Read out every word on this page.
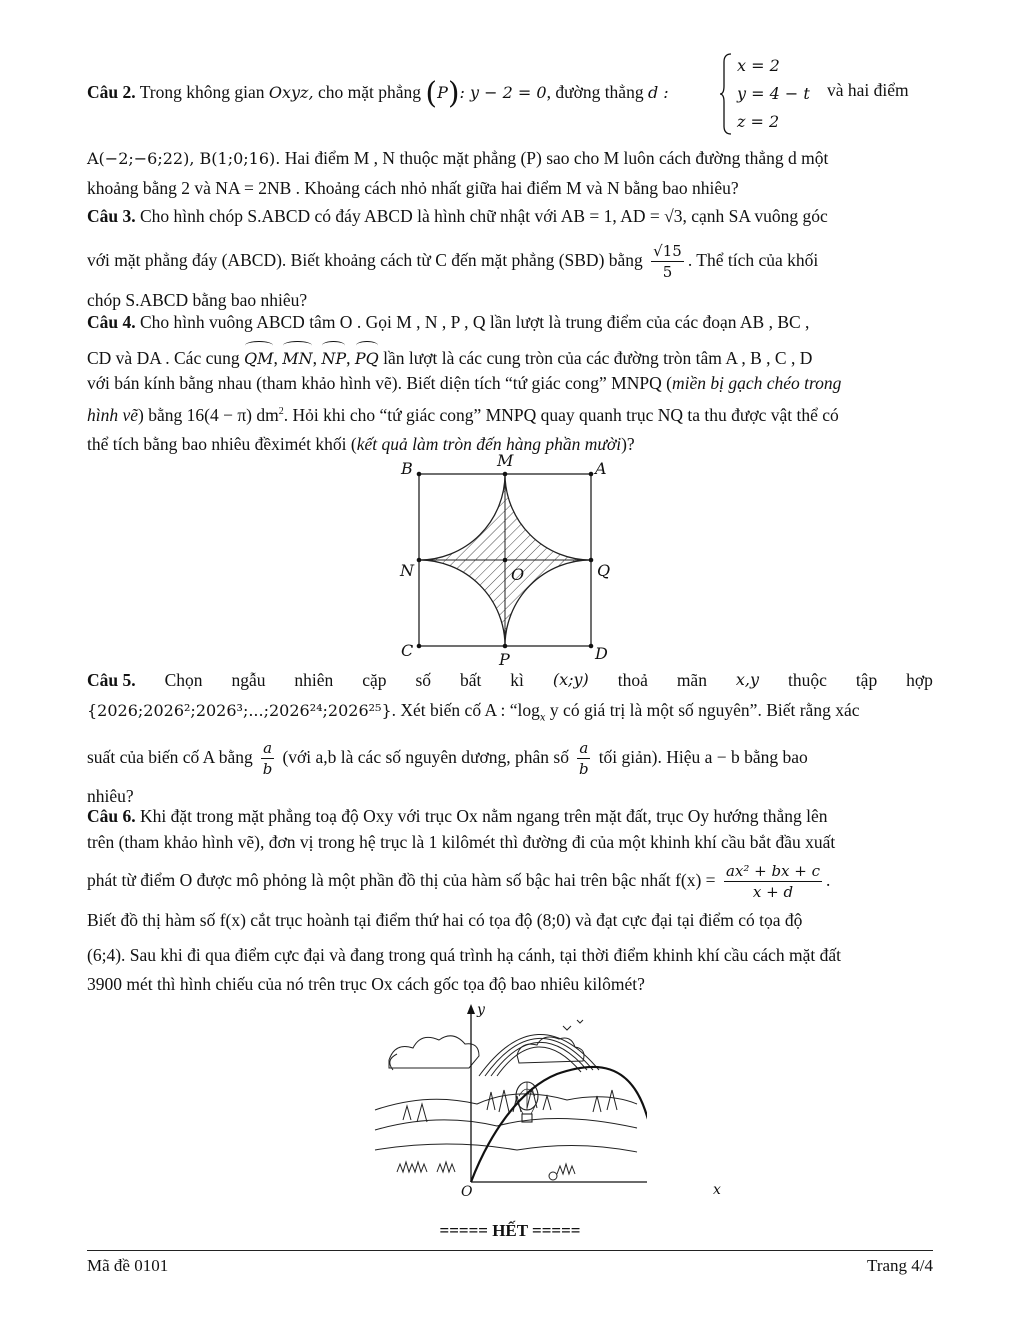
Câu 2. Trong không gian Oxyz, cho mặt phẳng (P): y − 2 = 0, đường thẳng d :
x = 2
y = 4 − t
z = 2
và hai điểm
A(−2;−6;22), B(1;0;16). Hai điểm M , N thuộc mặt phẳng (P) sao cho M luôn cách đường thẳng d một
khoảng bằng 2 và NA = 2NB . Khoảng cách nhỏ nhất giữa hai điểm M và N bằng bao nhiêu?
Câu 3. Cho hình chóp S.ABCD có đáy ABCD là hình chữ nhật với AB = 1, AD = √3, cạnh SA vuông góc
với mặt phẳng đáy (ABCD). Biết khoảng cách từ C đến mặt phẳng (SBD) bằng $\frac{√15}{5}$ . Thể tích của khối
chóp S.ABCD bằng bao nhiêu?
Câu 4. Cho hình vuông ABCD tâm O . Gọi M , N , P , Q lần lượt là trung điểm của các đoạn AB , BC ,
CD và DA . Các cung QM, MN, NP, PQ lần lượt là các cung tròn của các đường tròn tâm A , B , C , D
với bán kính bằng nhau (tham khảo hình vẽ). Biết diện tích “tứ giác cong” MNPQ (miền bị gạch chéo trong
hình vẽ) bằng 16(4 − π) $dm^2$. Hỏi khi cho “tứ giác cong” MNPQ quay quanh trục NQ ta thu được vật thể có
thể tích bằng bao nhiêu đềximét khối (kết quả làm tròn đến hàng phần mười)?
B	A
C	D
M
P
N	Q
O
Câu 5. Chọn ngẫu nhiên cặp số bất kì (x;y) thoả mãn x,y thuộc tập hợp
{2026;2026²;2026³;...;2026²⁴;2026²⁵}. Xét biến cố A : “$\log_x$ y có giá trị là một số nguyên”. Biết rằng xác
suất của biến cố A bằng $\frac{a}{b}$ (với a,b là các số nguyên dương, phân số $\frac{a}{b}$ tối giản). Hiệu a − b bằng bao
nhiêu?
Câu 6. Khi đặt trong mặt phẳng toạ độ Oxy với trục Ox nằm ngang trên mặt đất, trục Oy hướng thẳng lên
trên (tham khảo hình vẽ), đơn vị trong hệ trục là 1 kilômét thì đường đi của một khinh khí cầu bắt đầu xuất
phát từ điểm O được mô phỏng là một phần đồ thị của hàm số bậc hai trên bậc nhất $f(x) = \frac{\text{ax² + bx + c}}{x + d}$ .
Biết đồ thị hàm số f(x) cắt trục hoành tại điểm thứ hai có tọa độ (8;0) và đạt cực đại tại điểm có tọa độ
(6;4). Sau khi đi qua điểm cực đại và đang trong quá trình hạ cánh, tại thời điểm khinh khí cầu cách mặt đất
3900 mét thì hình chiếu của nó trên trục Ox cách gốc tọa độ bao nhiêu kilômét?
y
O	x
===== HẾT =====
Mã đề 0101	Trang 4/4
